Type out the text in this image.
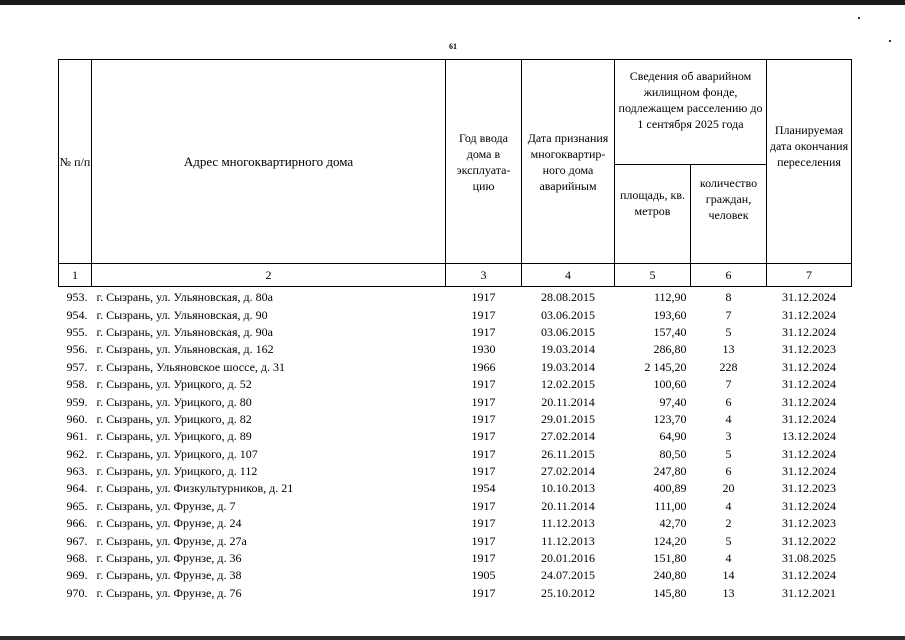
61
№ п/п	Адрес многоквартирного дома	Год ввода дома в эксплуата-цию	Дата признания многоквартир-ного дома аварийным	Сведения об аварийном жилищном фонде, подлежащем расселению до 1 сентября 2025 года		Планируемая дата окончания переселения
				площадь, кв. метров	количество граждан, человек	
1	2	3	4	5	6	7
953.	г. Сызрань, ул. Ульяновская, д. 80а	1917	28.08.2015	112,90	8	31.12.2024
954.	г. Сызрань, ул. Ульяновская, д. 90	1917	03.06.2015	193,60	7	31.12.2024
955.	г. Сызрань, ул. Ульяновская, д. 90а	1917	03.06.2015	157,40	5	31.12.2024
956.	г. Сызрань, ул. Ульяновская, д. 162	1930	19.03.2014	286,80	13	31.12.2023
957.	г. Сызрань, Ульяновское шоссе, д. 31	1966	19.03.2014	2 145,20	228	31.12.2024
958.	г. Сызрань, ул. Урицкого, д. 52	1917	12.02.2015	100,60	7	31.12.2024
959.	г. Сызрань, ул. Урицкого, д. 80	1917	20.11.2014	97,40	6	31.12.2024
960.	г. Сызрань, ул. Урицкого, д. 82	1917	29.01.2015	123,70	4	31.12.2024
961.	г. Сызрань, ул. Урицкого, д. 89	1917	27.02.2014	64,90	3	13.12.2024
962.	г. Сызрань, ул. Урицкого, д. 107	1917	26.11.2015	80,50	5	31.12.2024
963.	г. Сызрань, ул. Урицкого, д. 112	1917	27.02.2014	247,80	6	31.12.2024
964.	г. Сызрань, ул. Физкультурников, д. 21	1954	10.10.2013	400,89	20	31.12.2023
965.	г. Сызрань, ул. Фрунзе, д. 7	1917	20.11.2014	111,00	4	31.12.2024
966.	г. Сызрань, ул. Фрунзе, д. 24	1917	11.12.2013	42,70	2	31.12.2023
967.	г. Сызрань, ул. Фрунзе, д. 27а	1917	11.12.2013	124,20	5	31.12.2022
968.	г. Сызрань, ул. Фрунзе, д. 36	1917	20.01.2016	151,80	4	31.08.2025
969.	г. Сызрань, ул. Фрунзе, д. 38	1905	24.07.2015	240,80	14	31.12.2024
970.	г. Сызрань, ул. Фрунзе, д. 76	1917	25.10.2012	145,80	13	31.12.2021
